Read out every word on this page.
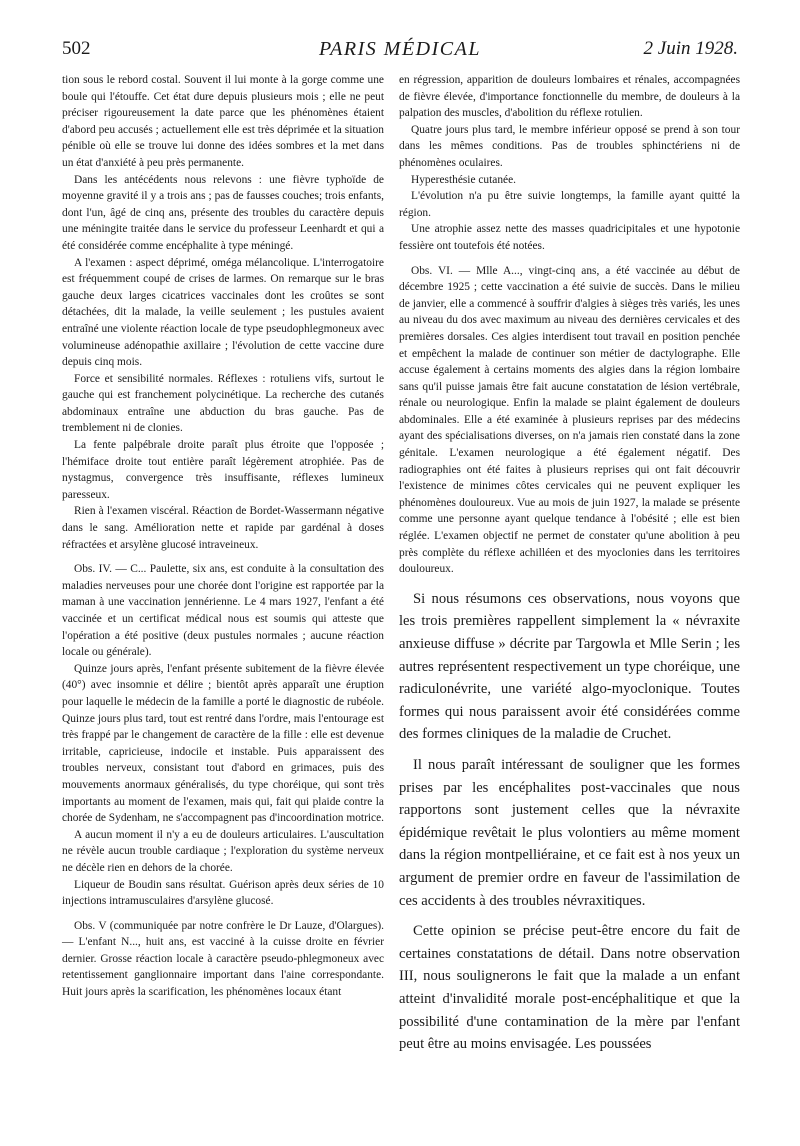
502	PARIS MÉDICAL	2 Juin 1928.

tion sous le rebord costal. Souvent il lui monte à la gorge comme une boule qui l'étouffe. Cet état dure depuis plusieurs mois ; elle ne peut préciser rigoureusement la date parce que les phénomènes étaient d'abord peu accusés ; actuellement elle est très déprimée et la situation pénible où elle se trouve lui donne des idées sombres et la met dans un état d'anxiété à peu près permanente.

Dans les antécédents nous relevons : une fièvre typhoïde de moyenne gravité il y a trois ans ; pas de fausses couches; trois enfants, dont l'un, âgé de cinq ans, présente des troubles du caractère depuis une méningite traitée dans le service du professeur Leenhardt et qui a été considérée comme encéphalite à type méningé.

A l'examen : aspect déprimé, oméga mélancolique. L'interrogatoire est fréquemment coupé de crises de larmes. On remarque sur le bras gauche deux larges cicatrices vaccinales dont les croûtes se sont détachées, dit la malade, la veille seulement ; les pustules avaient entraîné une violente réaction locale de type pseudophlegmoneux avec volumineuse adénopathie axillaire ; l'évolution de cette vaccine dure depuis cinq mois.

Force et sensibilité normales. Réflexes : rotuliens vifs, surtout le gauche qui est franchement polycinétique. La recherche des cutanés abdominaux entraîne une abduction du bras gauche. Pas de tremblement ni de clonies.

La fente palpébrale droite paraît plus étroite que l'opposée ; l'hémiface droite tout entière paraît légèrement atrophiée. Pas de nystagmus, convergence très insuffisante, réflexes lumineux paresseux.

Rien à l'examen viscéral. Réaction de Bordet-Wassermann négative dans le sang. Amélioration nette et rapide par gardénal à doses réfractées et arsylène glucosé intraveineux.

Obs. IV. — C... Paulette, six ans, est conduite à la consultation des maladies nerveuses pour une chorée dont l'origine est rapportée par la maman à une vaccination jennérienne. Le 4 mars 1927, l'enfant a été vaccinée et un certificat médical nous est soumis qui atteste que l'opération a été positive (deux pustules normales ; aucune réaction locale ou générale).

Quinze jours après, l'enfant présente subitement de la fièvre élevée (40°) avec insomnie et délire ; bientôt après apparaît une éruption pour laquelle le médecin de la famille a porté le diagnostic de rubéole. Quinze jours plus tard, tout est rentré dans l'ordre, mais l'entourage est très frappé par le changement de caractère de la fille : elle est devenue irritable, capricieuse, indocile et instable. Puis apparaissent des troubles nerveux, consistant tout d'abord en grimaces, puis des mouvements anormaux généralisés, du type choréique, qui sont très importants au moment de l'examen, mais qui, fait qui plaide contre la chorée de Sydenham, ne s'accompagnent pas d'incoordination motrice.

A aucun moment il n'y a eu de douleurs articulaires. L'auscultation ne révèle aucun trouble cardiaque ; l'exploration du système nerveux ne décèle rien en dehors de la chorée.

Liqueur de Boudin sans résultat. Guérison après deux séries de 10 injections intramusculaires d'arsylène glucosé.

Obs. V (communiquée par notre confrère le Dr Lauze, d'Olargues). — L'enfant N..., huit ans, est vacciné à la cuisse droite en février dernier. Grosse réaction locale à caractère pseudo-phlegmoneux avec retentissement ganglionnaire important dans l'aine correspondante. Huit jours après la scarification, les phénomènes locaux étant

en régression, apparition de douleurs lombaires et rénales, accompagnées de fièvre élevée, d'importance fonctionnelle du membre, de douleurs à la palpation des muscles, d'abolition du réflexe rotulien.

Quatre jours plus tard, le membre inférieur opposé se prend à son tour dans les mêmes conditions. Pas de troubles sphinctériens ni de phénomènes oculaires.

Hyperesthésie cutanée.

L'évolution n'a pu être suivie longtemps, la famille ayant quitté la région.

Une atrophie assez nette des masses quadricipitales et une hypotonie fessière ont toutefois été notées.

Obs. VI. — Mlle A..., vingt-cinq ans, a été vaccinée au début de décembre 1925 ; cette vaccination a été suivie de succès. Dans le milieu de janvier, elle a commencé à souffrir d'algies à sièges très variés, les unes au niveau du dos avec maximum au niveau des dernières cervicales et des premières dorsales. Ces algies interdisent tout travail en position penchée et empêchent la malade de continuer son métier de dactylographe. Elle accuse également à certains moments des algies dans la région lombaire sans qu'il puisse jamais être fait aucune constatation de lésion vertébrale, rénale ou neurologique. Enfin la malade se plaint également de douleurs abdominales. Elle a été examinée à plusieurs reprises par des médecins ayant des spécialisations diverses, on n'a jamais rien constaté dans la zone génitale. L'examen neurologique a été également négatif. Des radiographies ont été faites à plusieurs reprises qui ont fait découvrir l'existence de minimes côtes cervicales qui ne peuvent expliquer les phénomènes douloureux. Vue au mois de juin 1927, la malade se présente comme une personne ayant quelque tendance à l'obésité ; elle est bien réglée. L'examen objectif ne permet de constater qu'une abolition à peu près complète du réflexe achilléen et des myoclonies dans les territoires douloureux.

Si nous résumons ces observations, nous voyons que les trois premières rappellent simplement la « névraxite anxieuse diffuse » décrite par Targowla et Mlle Serin ; les autres représentent respectivement un type choréique, une radiculonévrite, une variété algo-myoclonique. Toutes formes qui nous paraissent avoir été considérées comme des formes cliniques de la maladie de Cruchet.

Il nous paraît intéressant de souligner que les formes prises par les encéphalites post-vaccinales que nous rapportons sont justement celles que la névraxite épidémique revêtait le plus volontiers au même moment dans la région montpelliéraine, et ce fait est à nos yeux un argument de premier ordre en faveur de l'assimilation de ces accidents à des troubles névraxitiques.

Cette opinion se précise peut-être encore du fait de certaines constatations de détail. Dans notre observation III, nous soulignerons le fait que la malade a un enfant atteint d'invalidité morale post-encéphalitique et que la possibilité d'une contamination de la mère par l'enfant peut être au moins envisagée. Les poussées
